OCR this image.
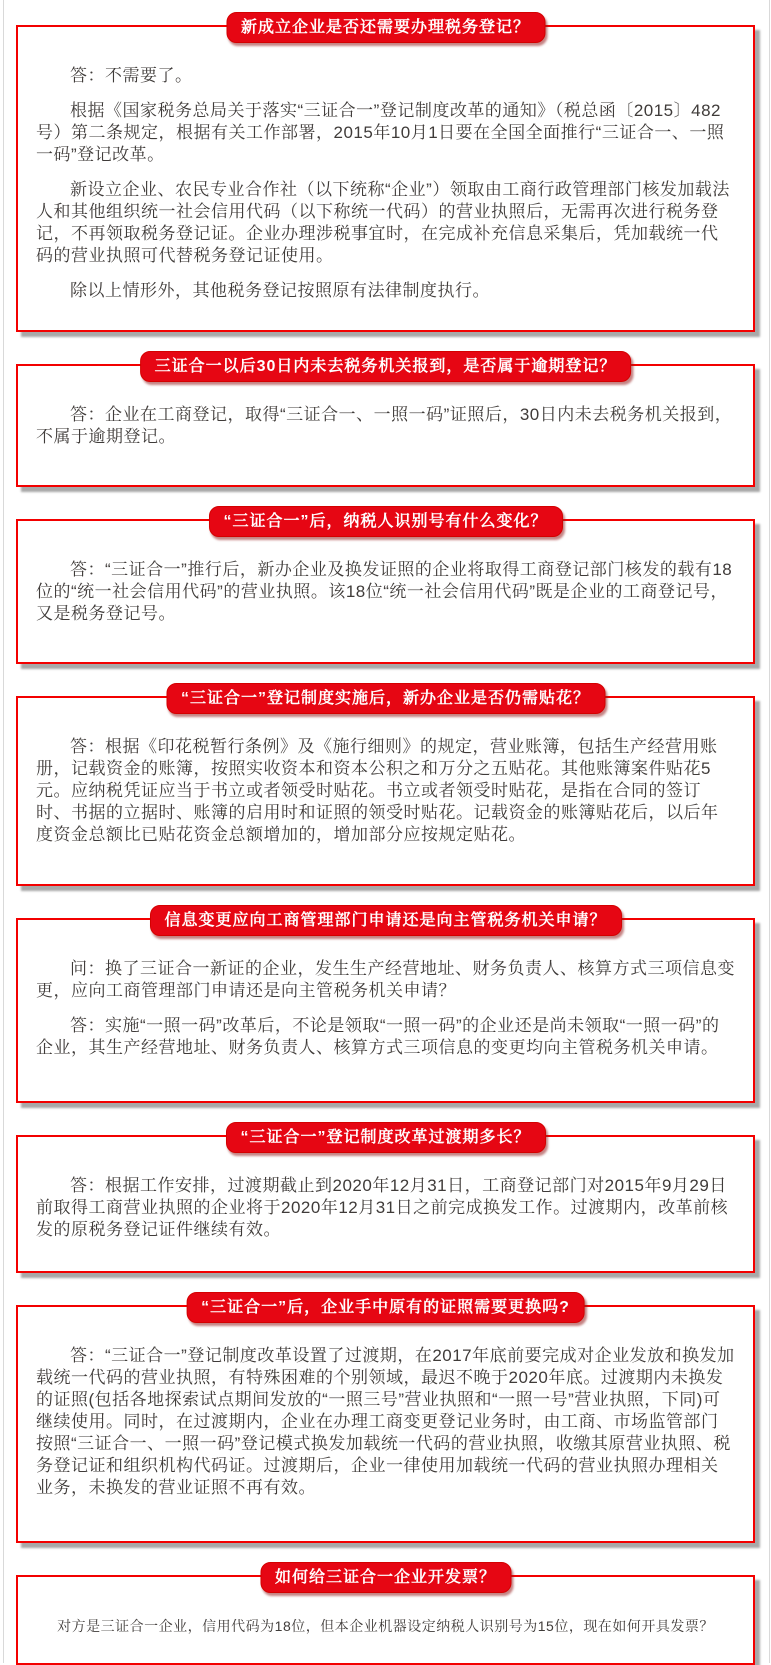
新成立企业是否还需要办理税务登记？

答：不需要了。

根据《国家税务总局关于落实“三证合一”登记制度改革的通知》（税总函〔2015〕482号）第二条规定，根据有关工作部署，2015年10月1日要在全国全面推行“三证合一、一照一码”登记改革。

新设立企业、农民专业合作社（以下统称“企业”）领取由工商行政管理部门核发加载法人和其他组织统一社会信用代码（以下称统一代码）的营业执照后，无需再次进行税务登记，不再领取税务登记证。企业办理涉税事宜时，在完成补充信息采集后，凭加载统一代码的营业执照可代替税务登记证使用。

除以上情形外，其他税务登记按照原有法律制度执行。

三证合一以后30日内未去税务机关报到，是否属于逾期登记？

答：企业在工商登记，取得“三证合一、一照一码”证照后，30日内未去税务机关报到，不属于逾期登记。

“三证合一”后，纳税人识别号有什么变化？

答：“三证合一”推行后，新办企业及换发证照的企业将取得工商登记部门核发的载有18位的“统一社会信用代码”的营业执照。该18位“统一社会信用代码”既是企业的工商登记号，又是税务登记号。

“三证合一”登记制度实施后，新办企业是否仍需贴花？

答：根据《印花税暂行条例》及《施行细则》的规定，营业账簿，包括生产经营用账册，记载资金的账簿，按照实收资本和资本公积之和万分之五贴花。其他账簿案件贴花5元。应纳税凭证应当于书立或者领受时贴花。书立或者领受时贴花，是指在合同的签订时、书据的立据时、账簿的启用时和证照的领受时贴花。记载资金的账簿贴花后，以后年度资金总额比已贴花资金总额增加的，增加部分应按规定贴花。

信息变更应向工商管理部门申请还是向主管税务机关申请？

问：换了三证合一新证的企业，发生生产经营地址、财务负责人、核算方式三项信息变更，应向工商管理部门申请还是向主管税务机关申请？

答：实施“一照一码”改革后，不论是领取“一照一码”的企业还是尚未领取“一照一码”的企业，其生产经营地址、财务负责人、核算方式三项信息的变更均向主管税务机关申请。

“三证合一”登记制度改革过渡期多长？

答：根据工作安排，过渡期截止到2020年12月31日，工商登记部门对2015年9月29日前取得工商营业执照的企业将于2020年12月31日之前完成换发工作。过渡期内，改革前核发的原税务登记证件继续有效。

“三证合一”后，企业手中原有的证照需要更换吗?

答：“三证合一”登记制度改革设置了过渡期，在2017年底前要完成对企业发放和换发加载统一代码的营业执照，有特殊困难的个别领域，最迟不晚于2020年底。过渡期内未换发的证照(包括各地探索试点期间发放的“一照三号”营业执照和“一照一号”营业执照，下同)可继续使用。同时，在过渡期内，企业在办理工商变更登记业务时，由工商、市场监管部门按照“三证合一、一照一码”登记模式换发加载统一代码的营业执照，收缴其原营业执照、税务登记证和组织机构代码证。过渡期后，企业一律使用加载统一代码的营业执照办理相关业务，未换发的营业证照不再有效。

如何给三证合一企业开发票？

对方是三证合一企业，信用代码为18位，但本企业机器设定纳税人识别号为15位，现在如何开具发票？
